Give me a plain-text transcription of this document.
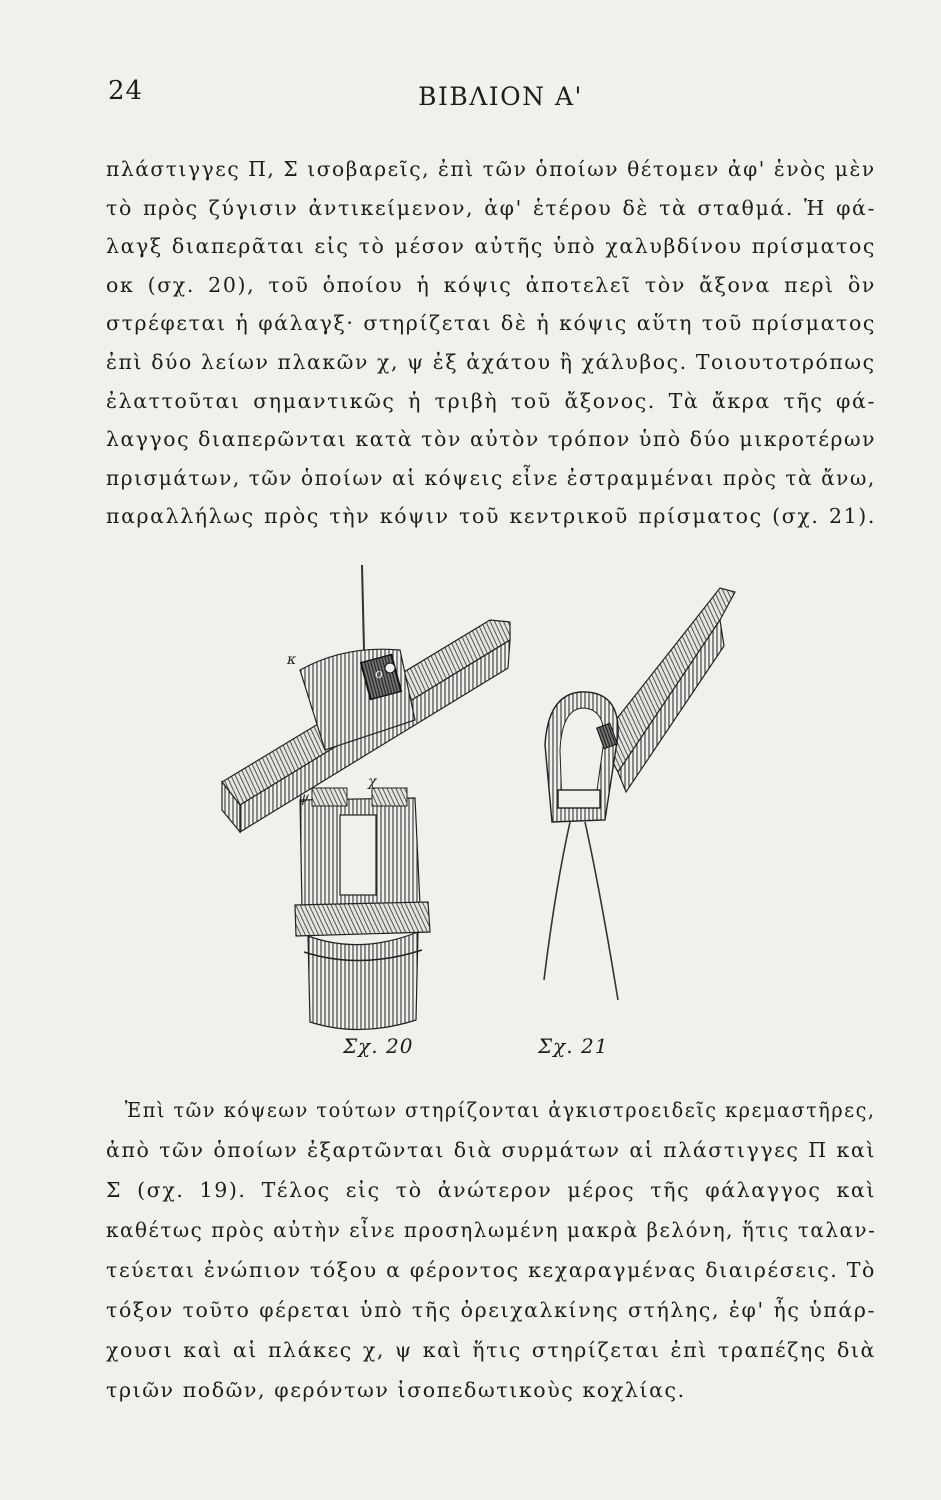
24	ΒΙΒΛΙΟΝ Α'
πλάστιγγες Π, Σ ισοβαρεῖς, ἐπὶ τῶν ὁποίων θέτομεν ἀφ' ἑνὸς μὲν
τὸ πρὸς ζύγισιν ἀντικείμενον, ἀφ' ἑτέρου δὲ τὰ σταθμά. Ἡ φά-
λαγξ διαπερᾶται εἰς τὸ μέσον αὐτῆς ὑπὸ χαλυβδίνου πρίσματος
οκ (σχ. 20), τοῦ ὁποίου ἡ κόψις ἀποτελεῖ τὸν ἄξονα περὶ ὃν
στρέφεται ἡ φάλαγξ· στηρίζεται δὲ ἡ κόψις αὕτη τοῦ πρίσματος
ἐπὶ δύο λείων πλακῶν χ, ψ ἐξ ἀχάτου ἢ χάλυβος. Τοιουτοτρόπως
ἐλαττοῦται σημαντικῶς ἡ τριβὴ τοῦ ἄξονος. Τὰ ἄκρα τῆς φά-
λαγγος διαπερῶνται κατὰ τὸν αὐτὸν τρόπον ὑπὸ δύο μικροτέρων
πρισμάτων, τῶν ὁποίων αἱ κόψεις εἶνε ἐστραμμέναι πρὸς τὰ ἄνω,
παραλλήλως πρὸς τὴν κόψιν τοῦ κεντρικοῦ πρίσματος (σχ. 21).
κ
ο
ψ
χ
Σχ. 20	Σχ. 21
Ἐπὶ τῶν κόψεων τούτων στηρίζονται ἀγκιστροειδεῖς κρεμαστῆρες,
ἀπὸ τῶν ὁποίων ἐξαρτῶνται διὰ συρμάτων αἱ πλάστιγγες Π καὶ
Σ (σχ. 19). Τέλος εἰς τὸ ἀνώτερον μέρος τῆς φάλαγγος καὶ
καθέτως πρὸς αὐτὴν εἶνε προσηλωμένη μακρὰ βελόνη, ἥτις ταλαν-
τεύεται ἐνώπιον τόξου α φέροντος κεχαραγμένας διαιρέσεις. Τὸ
τόξον τοῦτο φέρεται ὑπὸ τῆς ὀρειχαλκίνης στήλης, ἐφ' ἧς ὑπάρ-
χουσι καὶ αἱ πλάκες χ, ψ καὶ ἥτις στηρίζεται ἐπὶ τραπέζης διὰ
τριῶν ποδῶν, φερόντων ἰσοπεδωτικοὺς κοχλίας.
